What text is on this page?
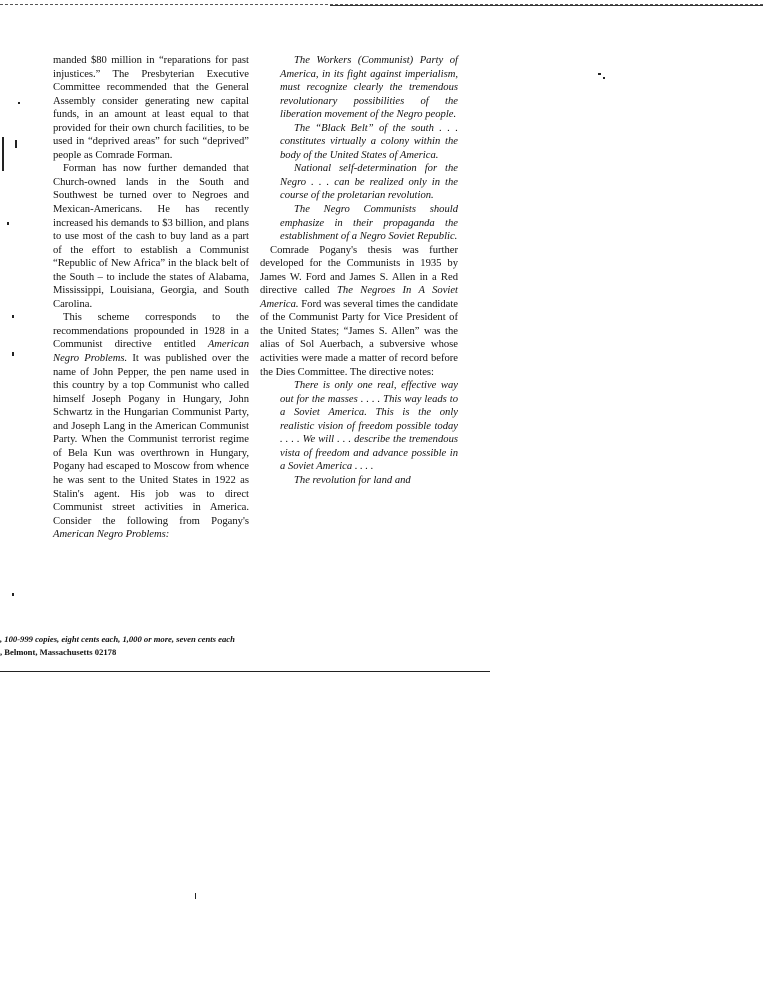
manded $80 million in “reparations for past injustices.” The Presbyterian Executive Committee recommended that the General Assembly consider generating new capital funds, in an amount at least equal to that provided for their own church facilities, to be used in “deprived areas” for such “deprived” people as Comrade Forman.

Forman has now further demanded that Church-owned lands in the South and Southwest be turned over to Negroes and Mexican-Americans. He has recently increased his demands to $3 billion, and plans to use most of the cash to buy land as a part of the effort to establish a Communist “Republic of New Africa” in the black belt of the South – to include the states of Alabama, Mississippi, Louisiana, Georgia, and South Carolina.

This scheme corresponds to the recommendations propounded in 1928 in a Communist directive entitled American Negro Problems. It was published over the name of John Pepper, the pen name used in this country by a top Communist who called himself Joseph Pogany in Hungary, John Schwartz in the Hungarian Communist Party, and Joseph Lang in the American Communist Party. When the Communist terrorist regime of Bela Kun was overthrown in Hungary, Pogany had escaped to Moscow from whence he was sent to the United States in 1922 as Stalin's agent. His job was to direct Communist street activities in America. Consider the following from Pogany's American Negro Problems:

The Workers (Communist) Party of America, in its fight against imperialism, must recognize clearly the tremendous revolutionary possibilities of the liberation movement of the Negro people.

The “Black Belt” of the south . . . constitutes virtually a colony within the body of the United States of America.

National self-determination for the Negro . . . can be realized only in the course of the proletarian revolution.

The Negro Communists should emphasize in their propaganda the establishment of a Negro Soviet Republic.

Comrade Pogany's thesis was further developed for the Communists in 1935 by James W. Ford and James S. Allen in a Red directive called The Negroes In A Soviet America. Ford was several times the candidate of the Communist Party for Vice President of the United States; “James S. Allen” was the alias of Sol Auerbach, a subversive whose activities were made a matter of record before the Dies Committee. The directive notes:

There is only one real, effective way out for the masses . . . . This way leads to a Soviet America. This is the only realistic vision of freedom possible today . . . . We will . . . describe the tremendous vista of freedom and advance possible in a Soviet America . . . .

The revolution for land and

, 100-999 copies, eight cents each, 1,000 or more, seven cents each
, Belmont, Massachusetts 02178
